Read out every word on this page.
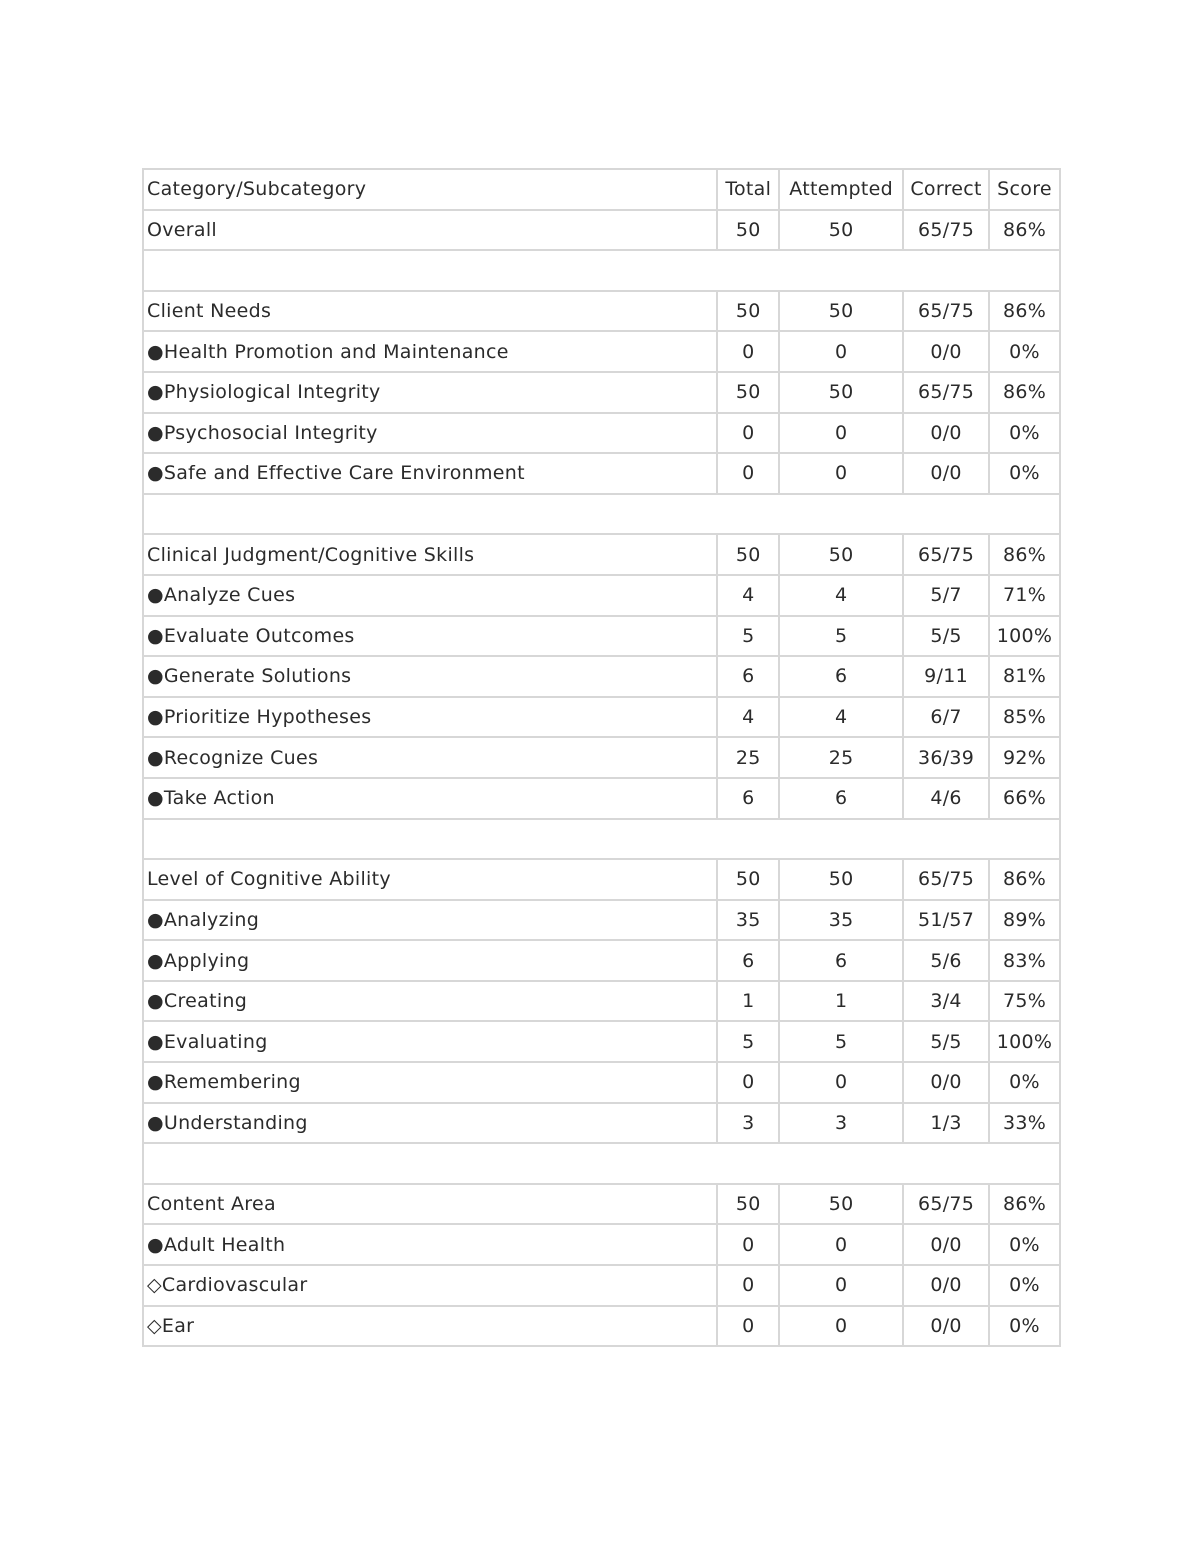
Category/Subcategory	Total	Attempted	Correct	Score
Overall	50	50	65/75	86%

Client Needs	50	50	65/75	86%
●Health Promotion and Maintenance	0	0	0/0	0%
●Physiological Integrity	50	50	65/75	86%
●Psychosocial Integrity	0	0	0/0	0%
●Safe and Effective Care Environment	0	0	0/0	0%

Clinical Judgment/Cognitive Skills	50	50	65/75	86%
●Analyze Cues	4	4	5/7	71%
●Evaluate Outcomes	5	5	5/5	100%
●Generate Solutions	6	6	9/11	81%
●Prioritize Hypotheses	4	4	6/7	85%
●Recognize Cues	25	25	36/39	92%
●Take Action	6	6	4/6	66%

Level of Cognitive Ability	50	50	65/75	86%
●Analyzing	35	35	51/57	89%
●Applying	6	6	5/6	83%
●Creating	1	1	3/4	75%
●Evaluating	5	5	5/5	100%
●Remembering	0	0	0/0	0%
●Understanding	3	3	1/3	33%

Content Area	50	50	65/75	86%
●Adult Health	0	0	0/0	0%
◇Cardiovascular	0	0	0/0	0%
◇Ear	0	0	0/0	0%
